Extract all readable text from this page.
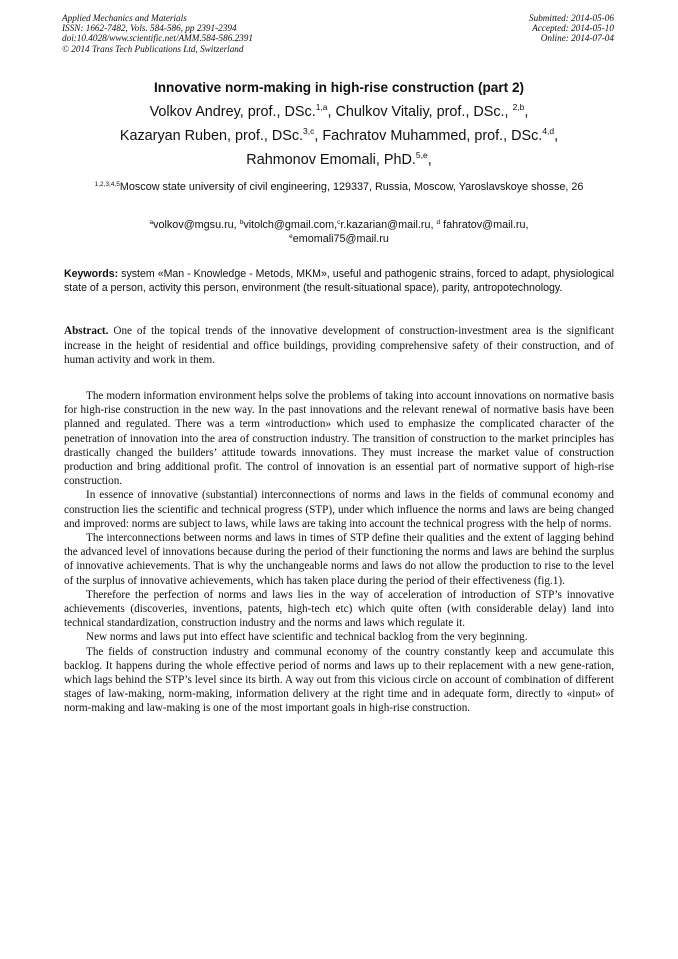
Applied Mechanics and Materials
ISSN: 1662-7482, Vols. 584-586, pp 2391-2394
doi:10.4028/www.scientific.net/AMM.584-586.2391
© 2014 Trans Tech Publications Ltd, Switzerland
Submitted: 2014-05-06
Accepted: 2014-05-10
Online: 2014-07-04
Innovative norm-making in high-rise construction (part 2)
Volkov Andrey, prof., DSc.$^{1,a}$, Chulkov Vitaliy, prof., DSc., $^{2,b}$,
Kazaryan Ruben, prof., DSc.$^{3,c}$, Fachratov Muhammed, prof., DSc.$^{4,d}$,
Rahmonov Emomali, PhD.$^{5,e}$,
$^{1,2,3,4,5}$Moscow state university of civil engineering, 129337, Russia, Moscow, Yaroslavskoye shosse, 26
$^a$volkov@mgsu.ru, $^b$vitolch@gmail.com,$^c$r.kazarian@mail.ru, $^d$ fahratov@mail.ru,
$^e$emomali75@mail.ru
Keywords: system «Man - Knowledge - Metods, MKM», useful and pathogenic strains, forced to adapt, physiological state of a person, activity this person, environment (the result-situational space), parity, antropotechnology.
Abstract. One of the topical trends of the innovative development of construction-investment area is the significant increase in the height of residential and office buildings, providing comprehensive safety of their construction, and of human activity and work in them.

The modern information environment helps solve the problems of taking into account innovations on normative basis for high-rise construction in the new way. In the past innovations and the relevant renewal of normative basis have been planned and regulated. There was a term «introduction» which used to emphasize the complicated character of the penetration of innovation into the area of construction industry. The transition of construction to the market principles has drastically changed the builders’ attitude towards innovations. They must increase the market value of construction production and bring additional profit. The control of innovation is an essential part of normative support of high-rise construction.

In essence of innovative (substantial) interconnections of norms and laws in the fields of communal economy and construction lies the scientific and technical progress (STP), under which influence the norms and laws are being changed and improved: norms are subject to laws, while laws are taking into account the technical progress with the help of norms.

The interconnections between norms and laws in times of STP define their qualities and the extent of lagging behind the advanced level of innovations because during the period of their functioning the norms and laws are behind the surplus of innovative achievements. That is why the unchangeable norms and laws do not allow the production to rise to the level of the surplus of innovative achievements, which has taken place during the period of their effectiveness (fig.1).

Therefore the perfection of norms and laws lies in the way of acceleration of introduction of STP’s innovative achievements (discoveries, inventions, patents, high-tech etc) which quite often (with considerable delay) land into technical standardization, construction industry and the norms and laws which regulate it.

New norms and laws put into effect have scientific and technical backlog from the very beginning.

The fields of construction industry and communal economy of the country constantly keep and accumulate this backlog. It happens during the whole effective period of norms and laws up to their replacement with a new gene-ration, which lags behind the STP’s level since its birth. A way out from this vicious circle on account of combination of different stages of law-making, norm-making, information delivery at the right time and in adequate form, directly to «input» of norm-making and law-making is one of the most important goals in high-rise construction.
